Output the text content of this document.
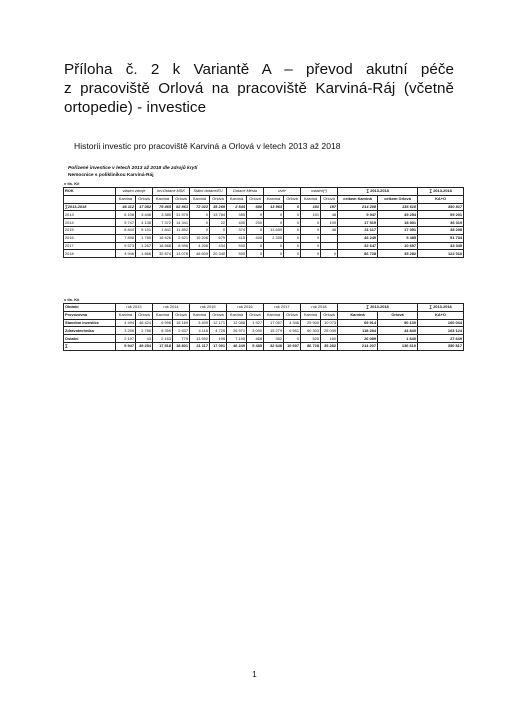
Příloha č. 2 k Variantě A – převod akutní péče
z pracoviště Orlová na pracoviště Karviná-Ráj (včetně
ortopedie) - investice
Historii investic pro pracoviště Karviná a Orlová v letech 2013 až 2018
Pořízené investice v letech 2013 až 2018 dle zdrojů krytí
Nemocnice s poliklinikou Karviná-Ráj
v tis. Kč
ROK	vlastní zdroje		Inv.Dotace MSK		Státní dotace/EU		Dotace Města		úvěr		ostatní(*)		∑ 2013-2018		∑ 2013-2018
	Karviná	Orlová	Karviná	Orlová	Karviná	Orlová	Karviná	Orlová	Karviná	Orlová	Karviná	Orlová	celkem Karviná	celkem Orlová	KA+O
∑2013-2018	46 112	17 082	79 465	82 861	72 022	35 269	2 544	680	13 963	0	181	197	214 208	136 610	350 817
2013	6 108	3 446	3 385	31 975	0	13 784	355	0	0	0	101	48	9 947	49 254	59 201
2014	9 747	4 138	7 372	14 341	0	22	400	200	0	0	0	109	17 519	18 801	36 319
2015	8 844	5 191	1 841	11 852	0	0	374	0	11 659	0	0	48	21 117	17 091	38 208
2016	7 898	1 785	16 426	2 621	19 206	679	415	400	2 305	0	0		46 249	5 485	51 734
2017	9 573	1 267	18 568	8 996	4 206	434	500	0	0	0	0		32 647	10 697	43 345
2018	4 946	1 666	32 874	13 076	48 609	20 340	500	0	0	0	0	0	86 728	35 282	122 010
v tis. Kč
Období	rok 2013		rok 2014		rok 2015		rok 2016		rok 2017		rok 2018		∑ 2013-2018		∑ 2013-2018
Provozovna	Karviná	Orlová	Karviná	Orlová	Karviná	Orlová	Karviná	Orlová	Karviná	Orlová	Karviná	Orlová	Karviná	Orlová	KA+O
Stavební investice	4 494	46 424	6 996	15 169	3 409	12 171	12 088	1 927	17 057	4 346	25 900	10 073	69 914	90 130	160 044
Zdravotechnika	3 256	2 788	8 359	2 637	4 116	4 725	26 971	3 090	15 279	6 551	60 303	25 049	118 284	44 840	163 124
Ostatní	2 197	43	2 163	775	13 592	195	7 190	468	352	0	525	160	26 089	1 640	27 649
∑	9 947	49 254	17 518	18 801	21 117	17 091	46 249	5 485	32 648	10 697	86 728	35 282	214 207	136 610	350 817
1
